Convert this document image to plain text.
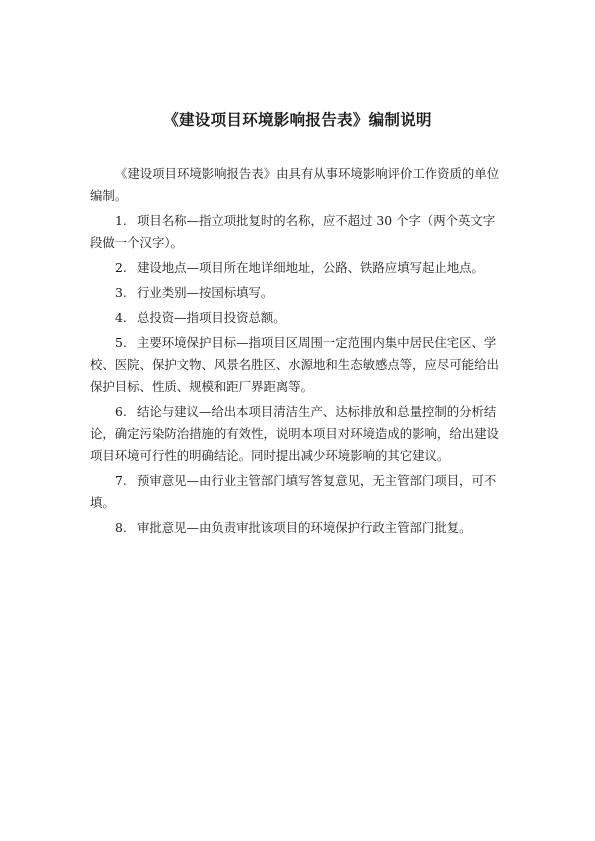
《建设项目环境影响报告表》编制说明

《建设项目环境影响报告表》由具有从事环境影响评价工作资质的单位编制。

1. 项目名称—指立项批复时的名称，应不超过 30 个字（两个英文字段做一个汉字）。

2. 建设地点—项目所在地详细地址，公路、铁路应填写起止地点。

3. 行业类别—按国标填写。

4. 总投资—指项目投资总额。

5. 主要环境保护目标—指项目区周围一定范围内集中居民住宅区、学校、医院、保护文物、风景名胜区、水源地和生态敏感点等，应尽可能给出保护目标、性质、规模和距厂界距离等。

6. 结论与建议—给出本项目清洁生产、达标排放和总量控制的分析结论，确定污染防治措施的有效性，说明本项目对环境造成的影响，给出建设项目环境可行性的明确结论。同时提出减少环境影响的其它建议。

7. 预审意见—由行业主管部门填写答复意见，无主管部门项目，可不填。

8. 审批意见—由负责审批该项目的环境保护行政主管部门批复。
